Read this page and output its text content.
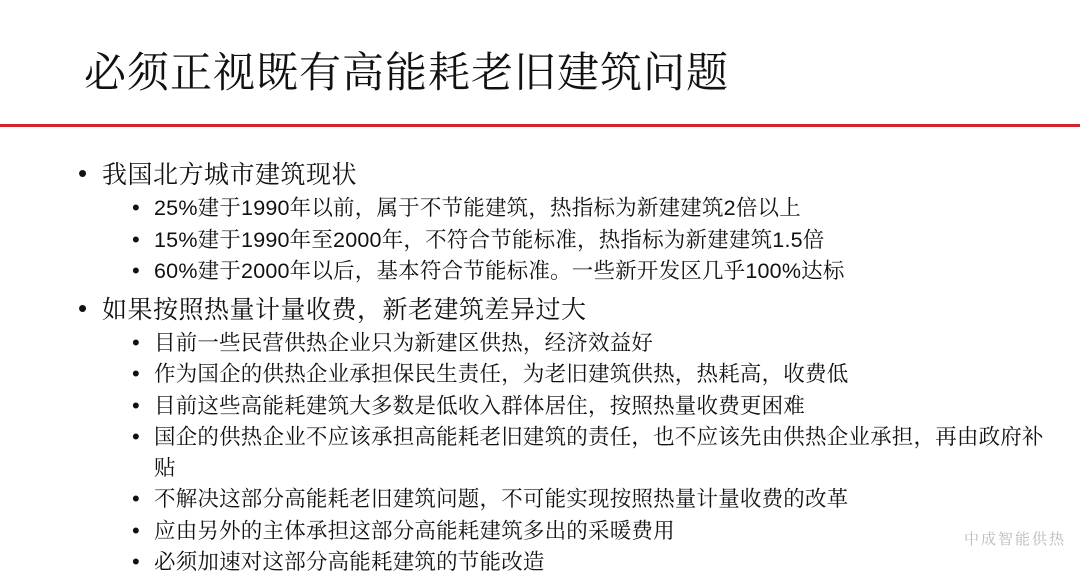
必须正视既有高能耗老旧建筑问题
• 我国北方城市建筑现状
• 25%建于1990年以前，属于不节能建筑，热指标为新建建筑2倍以上
• 15%建于1990年至2000年，不符合节能标准，热指标为新建建筑1.5倍
• 60%建于2000年以后，基本符合节能标准。一些新开发区几乎100%达标
• 如果按照热量计量收费，新老建筑差异过大
• 目前一些民营供热企业只为新建区供热，经济效益好
• 作为国企的供热企业承担保民生责任，为老旧建筑供热，热耗高，收费低
• 目前这些高能耗建筑大多数是低收入群体居住，按照热量收费更困难
• 国企的供热企业不应该承担高能耗老旧建筑的责任，也不应该先由供热企业承担，再由政府补贴
• 不解决这部分高能耗老旧建筑问题，不可能实现按照热量计量收费的改革
• 应由另外的主体承担这部分高能耗建筑多出的采暖费用
• 必须加速对这部分高能耗建筑的节能改造
中成智能供热
